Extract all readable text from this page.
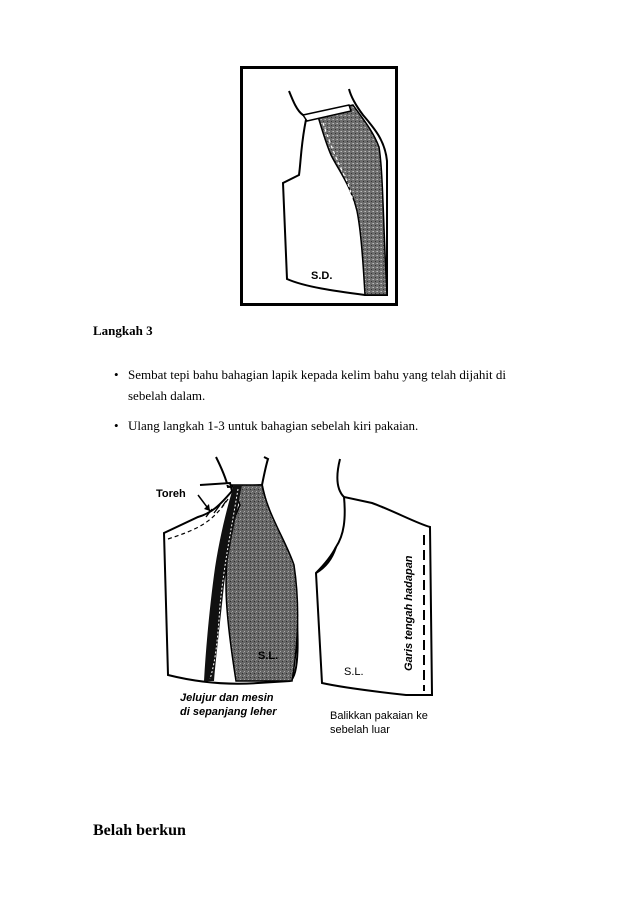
S.D.
Langkah 3
• Sembat tepi bahu bahagian lapik kepada kelim bahu yang telah dijahit di sebelah dalam.
• Ulang langkah 1-3 untuk bahagian sebelah kiri pakaian.
Toreh
S.L.
Jelujur dan mesin
di sepanjang leher
Garis tengah hadapan
S.L.
Balikkan pakaian ke
sebelah luar
Belah berkun
